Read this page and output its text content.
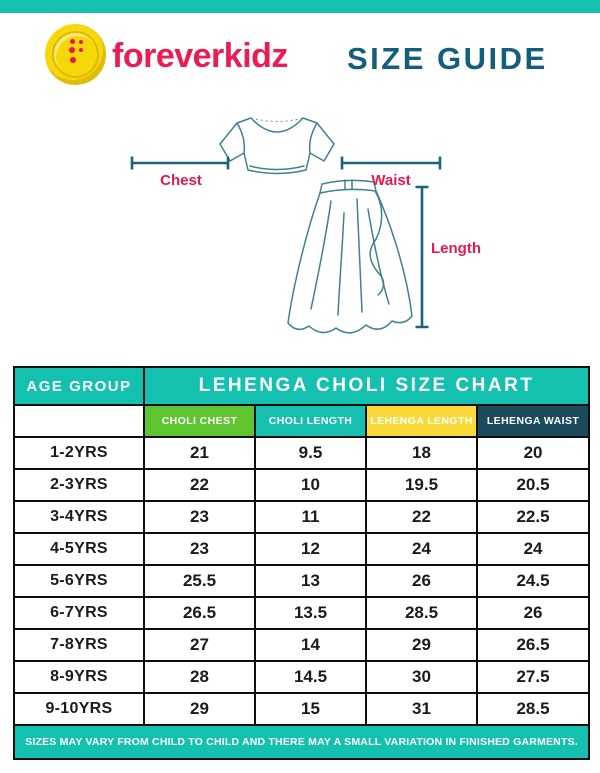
foreverkidz SIZE GUIDE
Chest	Waist
Length
AGE GROUP	LEHENGA CHOLI SIZE CHART			
	CHOLI CHEST	CHOLI LENGTH	LEHENGA LENGTH	LEHENGA WAIST
1-2YRS	21	9.5	18	20
2-3YRS	22	10	19.5	20.5
3-4YRS	23	11	22	22.5
4-5YRS	23	12	24	24
5-6YRS	25.5	13	26	24.5
6-7YRS	26.5	13.5	28.5	26
7-8YRS	27	14	29	26.5
8-9YRS	28	14.5	30	27.5
9-10YRS	29	15	31	28.5
SIZES MAY VARY FROM CHILD TO CHILD AND THERE MAY A SMALL VARIATION IN FINISHED GARMENTS.				
